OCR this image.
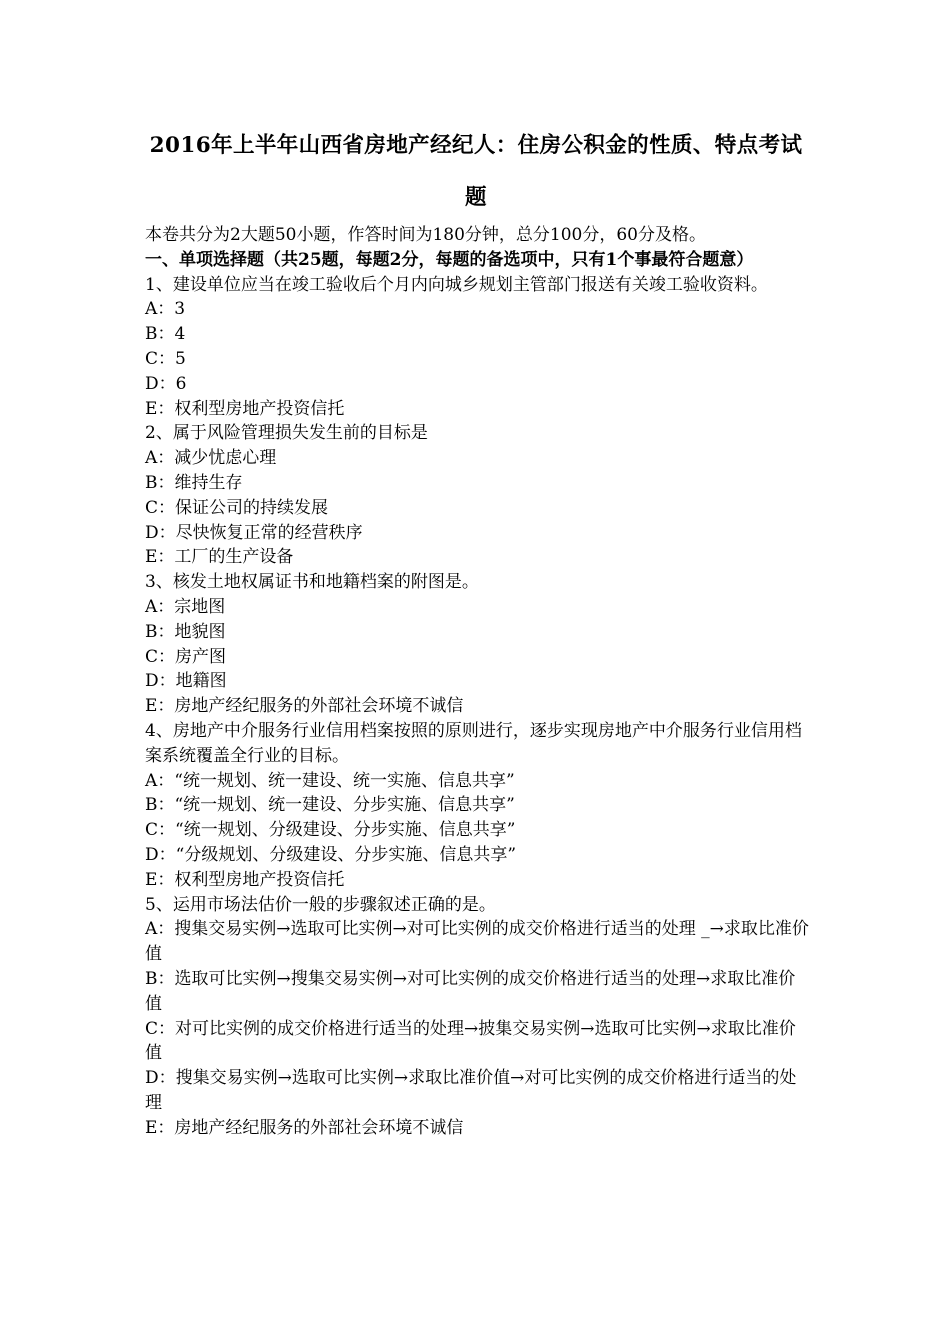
2016年上半年山西省房地产经纪人：住房公积金的性质、特点考试
题

本卷共分为2大题50小题，作答时间为180分钟，总分100分，60分及格。

一、单项选择题（共25题，每题2分，每题的备选项中，只有1个事最符合题意）

1、建设单位应当在竣工验收后个月内向城乡规划主管部门报送有关竣工验收资料。

A：3

B：4

C：5

D：6

E：权利型房地产投资信托

2、属于风险管理损失发生前的目标是

A：减少忧虑心理

B：维持生存

C：保证公司的持续发展

D：尽快恢复正常的经营秩序

E：工厂的生产设备

3、核发土地权属证书和地籍档案的附图是。

A：宗地图

B：地貌图

C：房产图

D：地籍图

E：房地产经纪服务的外部社会环境不诚信

4、房地产中介服务行业信用档案按照的原则进行，逐步实现房地产中介服务行业信用档案系统覆盖全行业的目标。

A：“统一规划、统一建设、统一实施、信息共享”

B：“统一规划、统一建设、分步实施、信息共享”

C：“统一规划、分级建设、分步实施、信息共享”

D：“分级规划、分级建设、分步实施、信息共享”

E：权利型房地产投资信托

5、运用市场法估价一般的步骤叙述正确的是。

A：搜集交易实例→选取可比实例→对可比实例的成交价格进行适当的处理 _→求取比准价值

B：选取可比实例→搜集交易实例→对可比实例的成交价格进行适当的处理→求取比准价值

C：对可比实例的成交价格进行适当的处理→披集交易实例→选取可比实例→求取比准价值

D：搜集交易实例→选取可比实例→求取比准价值→对可比实例的成交价格进行适当的处理

E：房地产经纪服务的外部社会环境不诚信
